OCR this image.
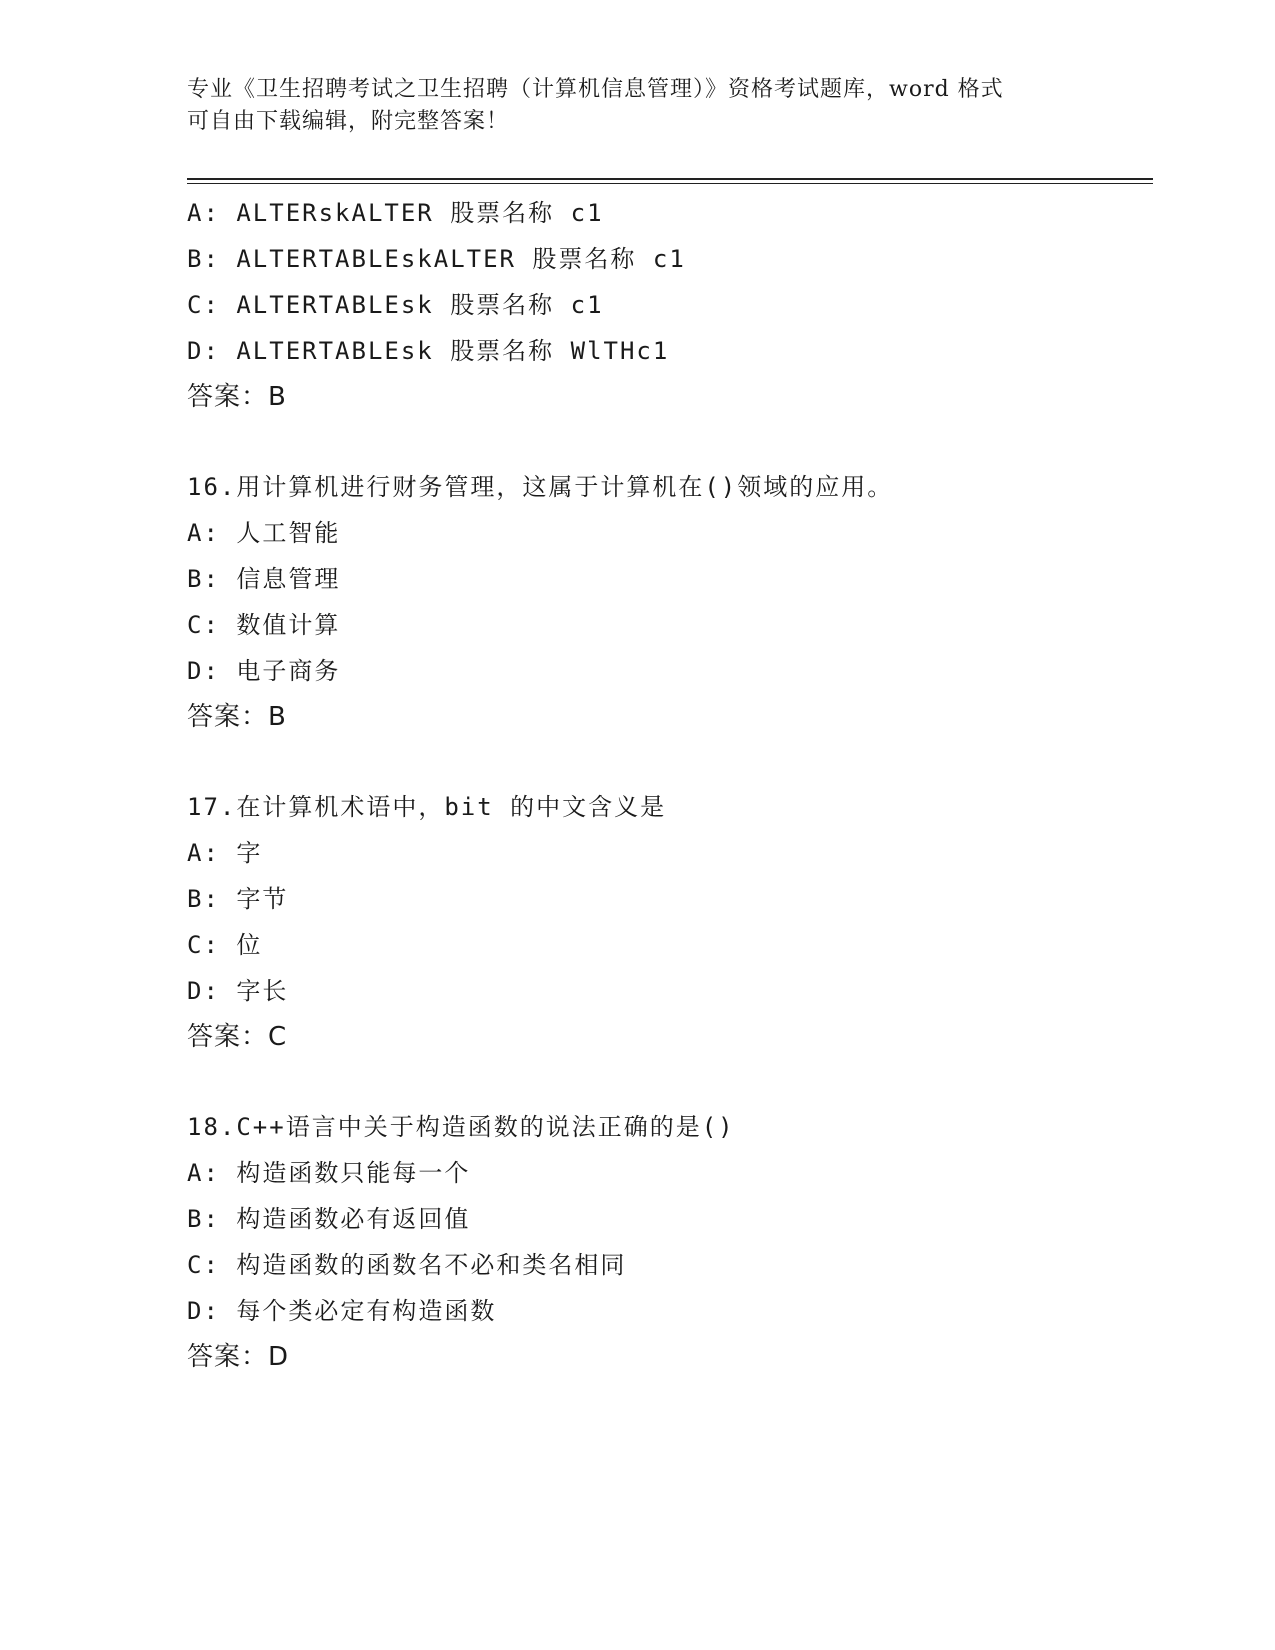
专业《卫生招聘考试之卫生招聘（计算机信息管理）》资格考试题库，word 格式
可自由下载编辑，附完整答案！
A: ALTERskALTER 股票名称 c1
B: ALTERTABLEskALTER 股票名称 c1
C: ALTERTABLEsk 股票名称 c1
D: ALTERTABLEsk 股票名称 WlTHc1
答案：B
16.用计算机进行财务管理，这属于计算机在()领域的应用。
A: 人工智能
B: 信息管理
C: 数值计算
D: 电子商务
答案：B
17.在计算机术语中，bit 的中文含义是
A: 字
B: 字节
C: 位
D: 字长
答案：C
18.C++语言中关于构造函数的说法正确的是()
A: 构造函数只能每一个
B: 构造函数必有返回值
C: 构造函数的函数名不必和类名相同
D: 每个类必定有构造函数
答案：D
